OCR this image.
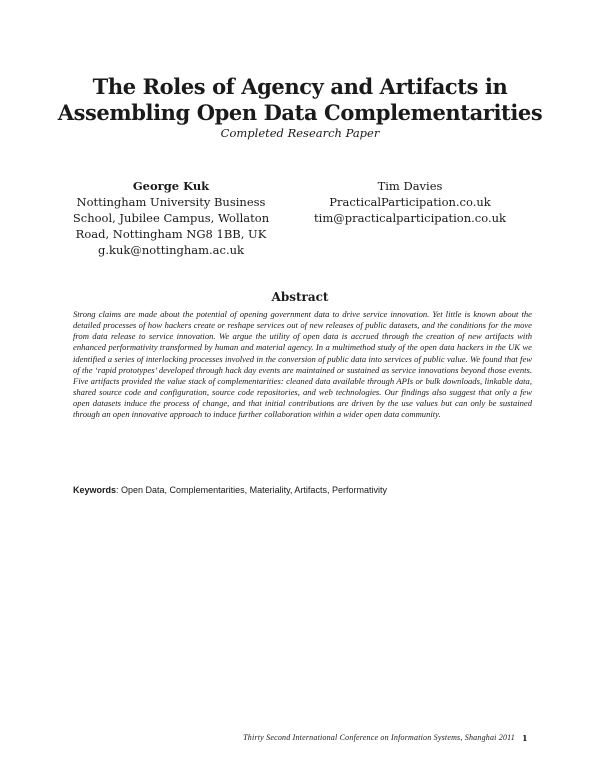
The Roles of Agency and Artifacts in
Assembling Open Data Complementarities
Completed Research Paper
George Kuk
Nottingham University Business
School, Jubilee Campus, Wollaton
Road, Nottingham NG8 1BB, UK
g.kuk@nottingham.ac.uk
Tim Davies
PracticalParticipation.co.uk
tim@practicalparticipation.co.uk
Abstract

Strong claims are made about the potential of opening government data to drive service innovation. Yet little is known about the detailed processes of how hackers create or reshape services out of new releases of public datasets, and the conditions for the move from data release to service innovation. We argue the utility of open data is accrued through the creation of new artifacts with enhanced performativity transformed by human and material agency. In a multimethod study of the open data hackers in the UK we identified a series of interlocking processes involved in the conversion of public data into services of public value. We found that few of the ‘rapid prototypes’ developed through hack day events are maintained or sustained as service innovations beyond those events. Five artifacts provided the value stack of complementarities: cleaned data available through APIs or bulk downloads, linkable data, shared source code and configuration, source code repositories, and web technologies. Our findings also suggest that only a few open datasets induce the process of change, and that initial contributions are driven by the use values but can only be sustained through an open innovative approach to induce further collaboration within a wider open data community.

Keywords: Open Data, Complementarities, Materiality, Artifacts, Performativity
Thirty Second International Conference on Information Systems, Shanghai 2011 1
